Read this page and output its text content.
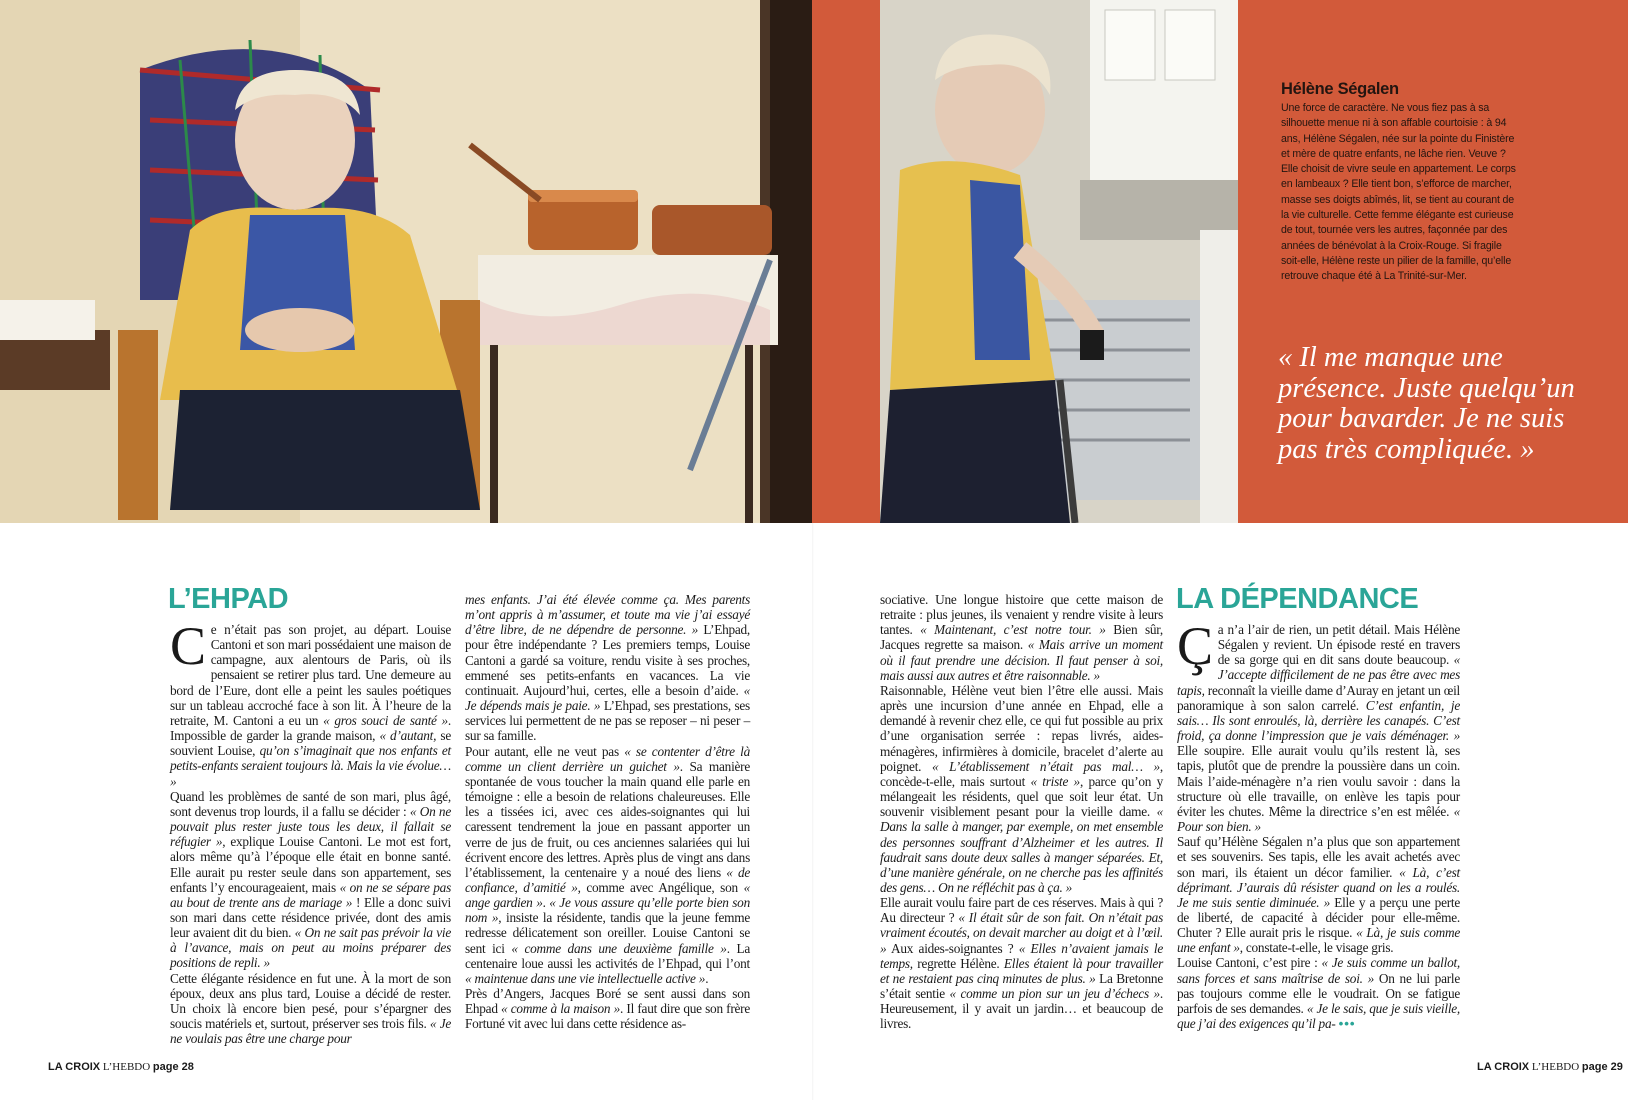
Hélène Ségalen

Une force de caractère. Ne vous fiez pas à sa silhouette menue ni à son affable courtoisie : à 94 ans, Hélène Ségalen, née sur la pointe du Finistère et mère de quatre enfants, ne lâche rien. Veuve ? Elle choisit de vivre seule en appartement. Le corps en lambeaux ? Elle tient bon, s’efforce de marcher, masse ses doigts abîmés, lit, se tient au courant de la vie culturelle. Cette femme élégante est curieuse de tout, tournée vers les autres, façonnée par des années de bénévolat à la Croix-Rouge. Si fragile soit-elle, Hélène reste un pilier de la famille, qu’elle retrouve chaque été à La Trinité-sur-Mer.

« Il me manque une présence. Juste quelqu’un pour bavarder. Je ne suis pas très compliquée. »
L’EHPAD	LA DÉPENDANCE

Ce n’était pas son projet, au départ. Louise Cantoni et son mari possédaient une maison de campagne, aux alentours de Paris, où ils pensaient se retirer plus tard. Une demeure au bord de l’Eure, dont elle a peint les saules poétiques sur un tableau accroché face à son lit. À l’heure de la retraite, M. Cantoni a eu un « gros souci de santé ». Impossible de garder la grande maison, « d’autant, se souvient Louise, qu’on s’imaginait que nos enfants et petits-enfants seraient toujours là. Mais la vie évolue… »

Quand les problèmes de santé de son mari, plus âgé, sont devenus trop lourds, il a fallu se décider : « On ne pouvait plus rester juste tous les deux, il fallait se réfugier », explique Louise Cantoni. Le mot est fort, alors même qu’à l’époque elle était en bonne santé. Elle aurait pu rester seule dans son appartement, ses enfants l’y encourageaient, mais « on ne se sépare pas au bout de trente ans de mariage » ! Elle a donc suivi son mari dans cette résidence privée, dont des amis leur avaient dit du bien. « On ne sait pas prévoir la vie à l’avance, mais on peut au moins préparer des positions de repli. »

Cette élégante résidence en fut une. À la mort de son époux, deux ans plus tard, Louise a décidé de rester. Un choix là encore bien pesé, pour s’épargner des soucis matériels et, surtout, préserver ses trois fils. « Je ne voulais pas être une charge pour

mes enfants. J’ai été élevée comme ça. Mes parents m’ont appris à m’assumer, et toute ma vie j’ai essayé d’être libre, de ne dépendre de personne. » L’Ehpad, pour être indépendante ? Les premiers temps, Louise Cantoni a gardé sa voiture, rendu visite à ses proches, emmené ses petits-enfants en vacances. La vie continuait. Aujourd’hui, certes, elle a besoin d’aide. « Je dépends mais je paie. » L’Ehpad, ses prestations, ses services lui permettent de ne pas se reposer – ni peser – sur sa famille.

Pour autant, elle ne veut pas « se contenter d’être là comme un client derrière un guichet ». Sa manière spontanée de vous toucher la main quand elle parle en témoigne : elle a besoin de relations chaleureuses. Elle les a tissées ici, avec ces aides-soignantes qui lui caressent tendrement la joue en passant apporter un verre de jus de fruit, ou ces anciennes salariées qui lui écrivent encore des lettres. Après plus de vingt ans dans l’établissement, la centenaire y a noué des liens « de confiance, d’amitié », comme avec Angélique, son « ange gardien ». « Je vous assure qu’elle porte bien son nom », insiste la résidente, tandis que la jeune femme redresse délicatement son oreiller. Louise Cantoni se sent ici « comme dans une deuxième famille ». La centenaire loue aussi les activités de l’Ehpad, qui l’ont « maintenue dans une vie intellectuelle active ».

Près d’Angers, Jacques Boré se sent aussi dans son Ehpad « comme à la maison ». Il faut dire que son frère Fortuné vit avec lui dans cette résidence as-

sociative. Une longue histoire que cette maison de retraite : plus jeunes, ils venaient y rendre visite à leurs tantes. « Maintenant, c’est notre tour. » Bien sûr, Jacques regrette sa maison. « Mais arrive un moment où il faut prendre une décision. Il faut penser à soi, mais aussi aux autres et être raisonnable. »

Raisonnable, Hélène veut bien l’être elle aussi. Mais après une incursion d’une année en Ehpad, elle a demandé à revenir chez elle, ce qui fut possible au prix d’une organisation serrée : repas livrés, aides-ménagères, infirmières à domicile, bracelet d’alerte au poignet. « L’établissement n’était pas mal… », concède-t-elle, mais surtout « triste », parce qu’on y mélangeait les résidents, quel que soit leur état. Un souvenir visiblement pesant pour la vieille dame. « Dans la salle à manger, par exemple, on met ensemble des personnes souffrant d’Alzheimer et les autres. Il faudrait sans doute deux salles à manger séparées. Et, d’une manière générale, on ne cherche pas les affinités des gens… On ne réfléchit pas à ça. »

Elle aurait voulu faire part de ces réserves. Mais à qui ? Au directeur ? « Il était sûr de son fait. On n’était pas vraiment écoutés, on devait marcher au doigt et à l’œil. » Aux aides-soignantes ? « Elles n’avaient jamais le temps, regrette Hélène. Elles étaient là pour travailler et ne restaient pas cinq minutes de plus. » La Bretonne s’était sentie « comme un pion sur un jeu d’échecs ». Heureusement, il y avait un jardin… et beaucoup de livres.

Ça n’a l’air de rien, un petit détail. Mais Hélène Ségalen y revient. Un épisode resté en travers de sa gorge qui en dit sans doute beaucoup. « J’accepte difficilement de ne pas être avec mes tapis, reconnaît la vieille dame d’Auray en jetant un œil panoramique à son salon carrelé. C’est enfantin, je sais… Ils sont enroulés, là, derrière les canapés. C’est froid, ça donne l’impression que je vais déménager. » Elle soupire. Elle aurait voulu qu’ils restent là, ses tapis, plutôt que de prendre la poussière dans un coin. Mais l’aide-ménagère n’a rien voulu savoir : dans la structure où elle travaille, on enlève les tapis pour éviter les chutes. Même la directrice s’en est mêlée. « Pour son bien. »

Sauf qu’Hélène Ségalen n’a plus que son appartement et ses souvenirs. Ses tapis, elle les avait achetés avec son mari, ils étaient un décor familier. « Là, c’est déprimant. J’aurais dû résister quand on les a roulés. Je me suis sentie diminuée. » Elle y a perçu une perte de liberté, de capacité à décider pour elle-même. Chuter ? Elle aurait pris le risque. « Là, je suis comme une enfant », constate-t-elle, le visage gris.

Louise Cantoni, c’est pire : « Je suis comme un ballot, sans forces et sans maîtrise de soi. » On ne lui parle pas toujours comme elle le voudrait. On se fatigue parfois de ses demandes. « Je le sais, que je suis vieille, que j’ai des exigences qu’il pa- •••

LA CROIX L’HEBDO page 28	LA CROIX L’HEBDO page 29
